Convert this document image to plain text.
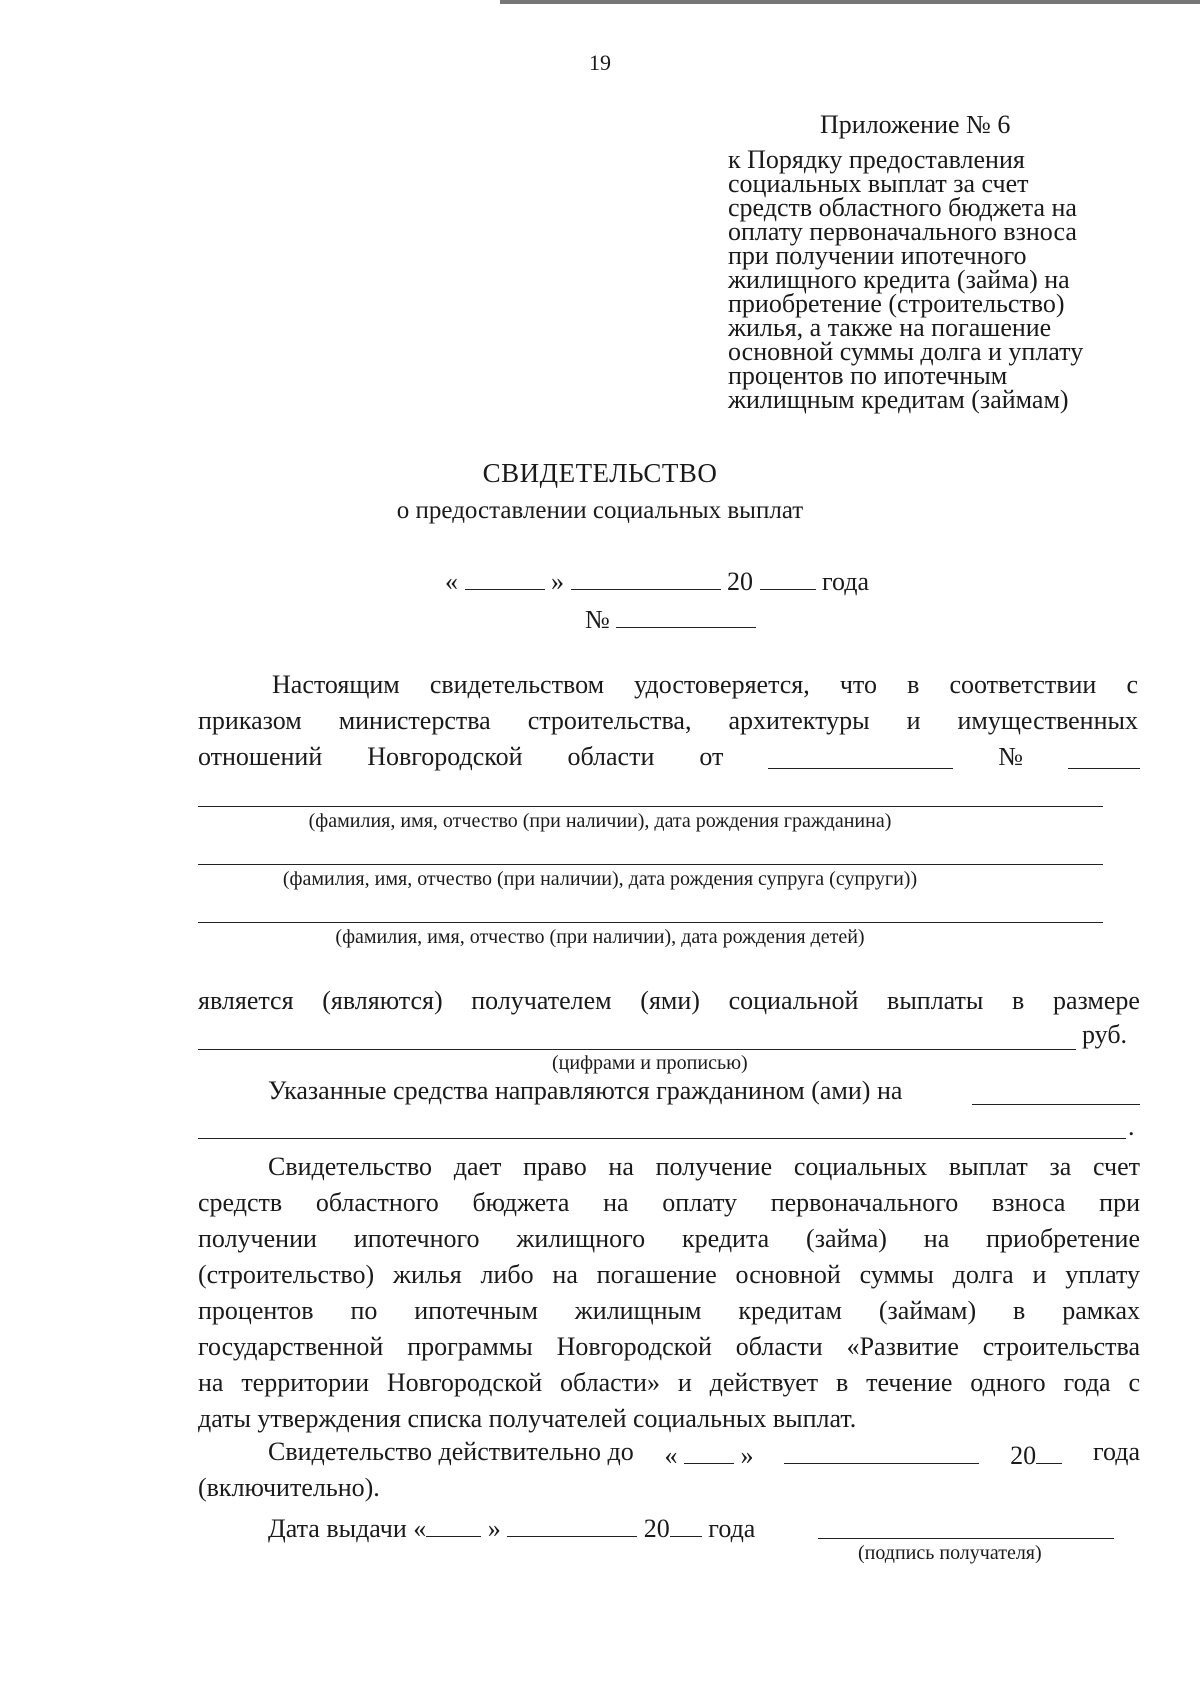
19
Приложение № 6
к Порядку предоставления
социальных выплат за счет
средств областного бюджета на
оплату первоначального взноса
при получении ипотечного
жилищного кредита (займа) на
приобретение (строительство)
жилья, а также на погашение
основной суммы долга и уплату
процентов по ипотечным
жилищным кредитам (займам)
СВИДЕТЕЛЬСТВО
о предоставлении социальных выплат
«	»	20	года
№
Настоящим свидетельством удостоверяется, что в соответствии с
приказом министерства строительства, архитектуры и имущественных
отношений Новгородской области от	№
(фамилия, имя, отчество (при наличии), дата рождения гражданина)
(фамилия, имя, отчество (при наличии), дата рождения супруга (супруги))
(фамилия, имя, отчество (при наличии), дата рождения детей)
является (являются) получателем (ями) социальной выплаты в размере
руб.
(цифрами и прописью)
Указанные средства направляются гражданином (ами) на
.
Свидетельство дает право на получение социальных выплат за счет
средств областного бюджета на оплату первоначального взноса при
получении ипотечного жилищного кредита (займа) на приобретение
(строительство) жилья либо на погашение основной суммы долга и уплату
процентов по ипотечным жилищным кредитам (займам) в рамках
государственной программы Новгородской области «Развитие строительства
на территории Новгородской области» и действует в течение одного года с
даты утверждения списка получателей социальных выплат.
Свидетельство действительно до « »	20	года
(включительно).
Дата выдачи « »	20 года
(подпись получателя)
